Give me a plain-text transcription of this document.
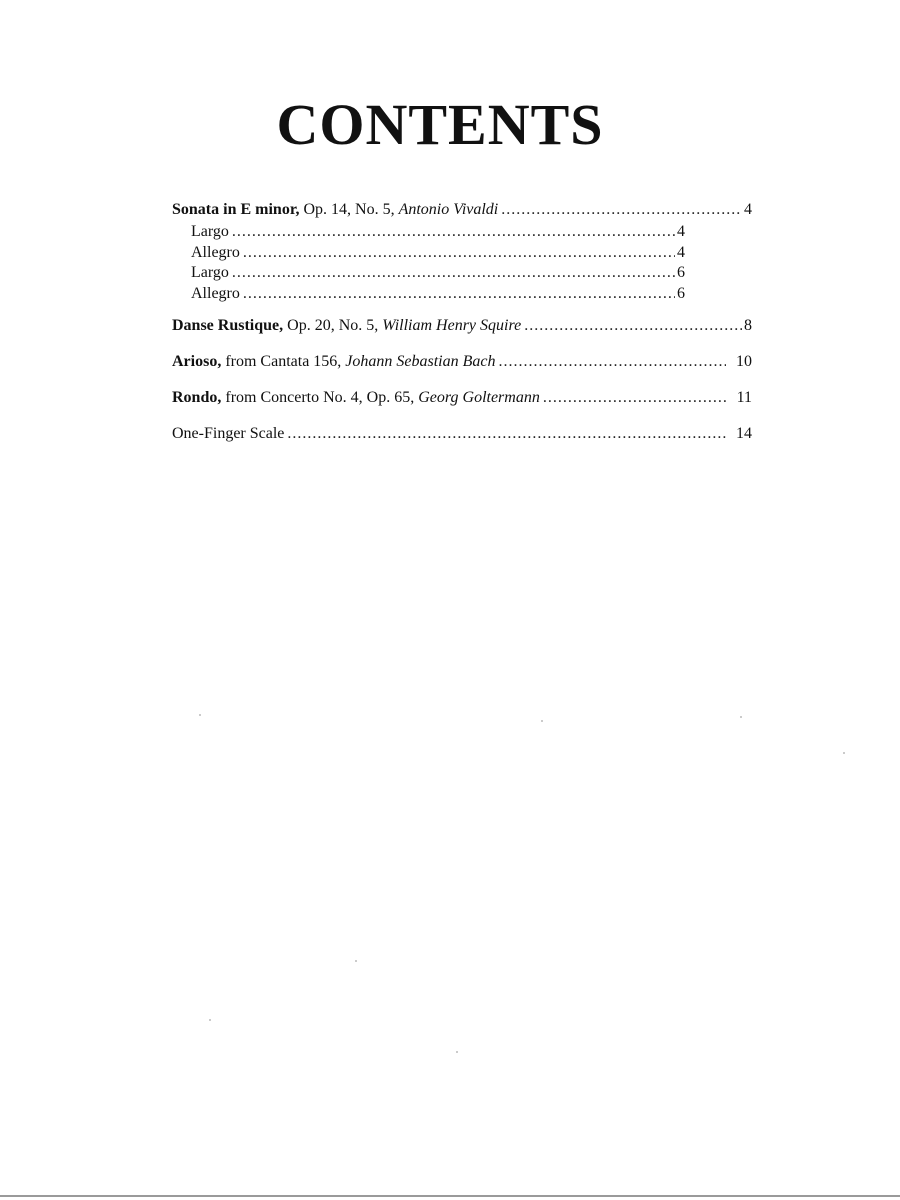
CONTENTS
Sonata in E minor, Op. 14, No. 5, Antonio Vivaldi .....	4
Largo .....	4
Allegro .....	4
Largo .....	6
Allegro .....	6
Danse Rustique, Op. 20, No. 5, William Henry Squire .....	8
Arioso, from Cantata 156, Johann Sebastian Bach .....	10
Rondo, from Concerto No. 4, Op. 65, Georg Goltermann .....	11
One-Finger Scale .....	14
